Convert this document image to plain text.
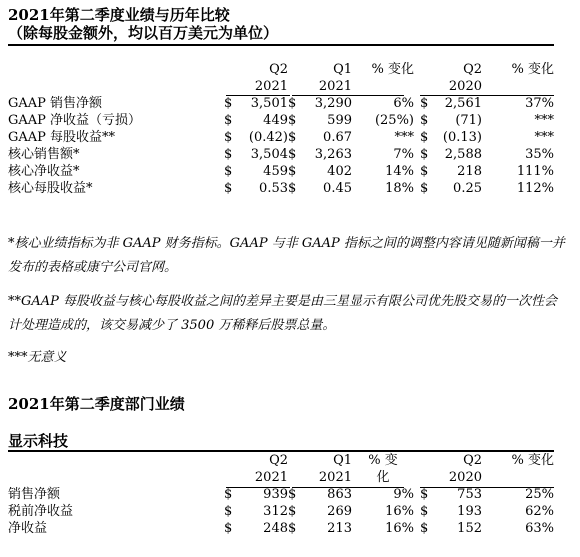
2021年第二季度业绩与历年比较
（除每股金额外，均以百万美元为单位）
		Q2		Q1	% 变化		Q2	% 变化
		2021		2021			2020	
GAAP 销售净额	$	3,501	$	3,290	6%	$	2,561	37%
GAAP 净收益（亏损）	$	449	$	599	(25%)	$	(71)	***
GAAP 每股收益**	$	(0.42)	$	0.67	***	$	(0.13)	***
核心销售额*	$	3,504	$	3,263	7%	$	2,588	35%
核心净收益*	$	459	$	402	14%	$	218	111%
核心每股收益*	$	0.53	$	0.45	18%	$	0.25	112%
*核心业绩指标为非 GAAP 财务指标。GAAP 与非 GAAP 指标之间的调整内容请见随新闻稿一并发布的表格或康宁公司官网。
**GAAP 每股收益与核心每股收益之间的差异主要是由三星显示有限公司优先股交易的一次性会计处理造成的，该交易减少了 3500 万稀释后股票总量。
***无意义
2021年第二季度部门业绩
显示科技
		Q2		Q1	% 变		Q2	% 变化
		2021		2021	化		2020	
销售净额	$	939	$	863	9%	$	753	25%
税前净收益	$	312	$	269	16%	$	193	62%
净收益	$	248	$	213	16%	$	152	63%
